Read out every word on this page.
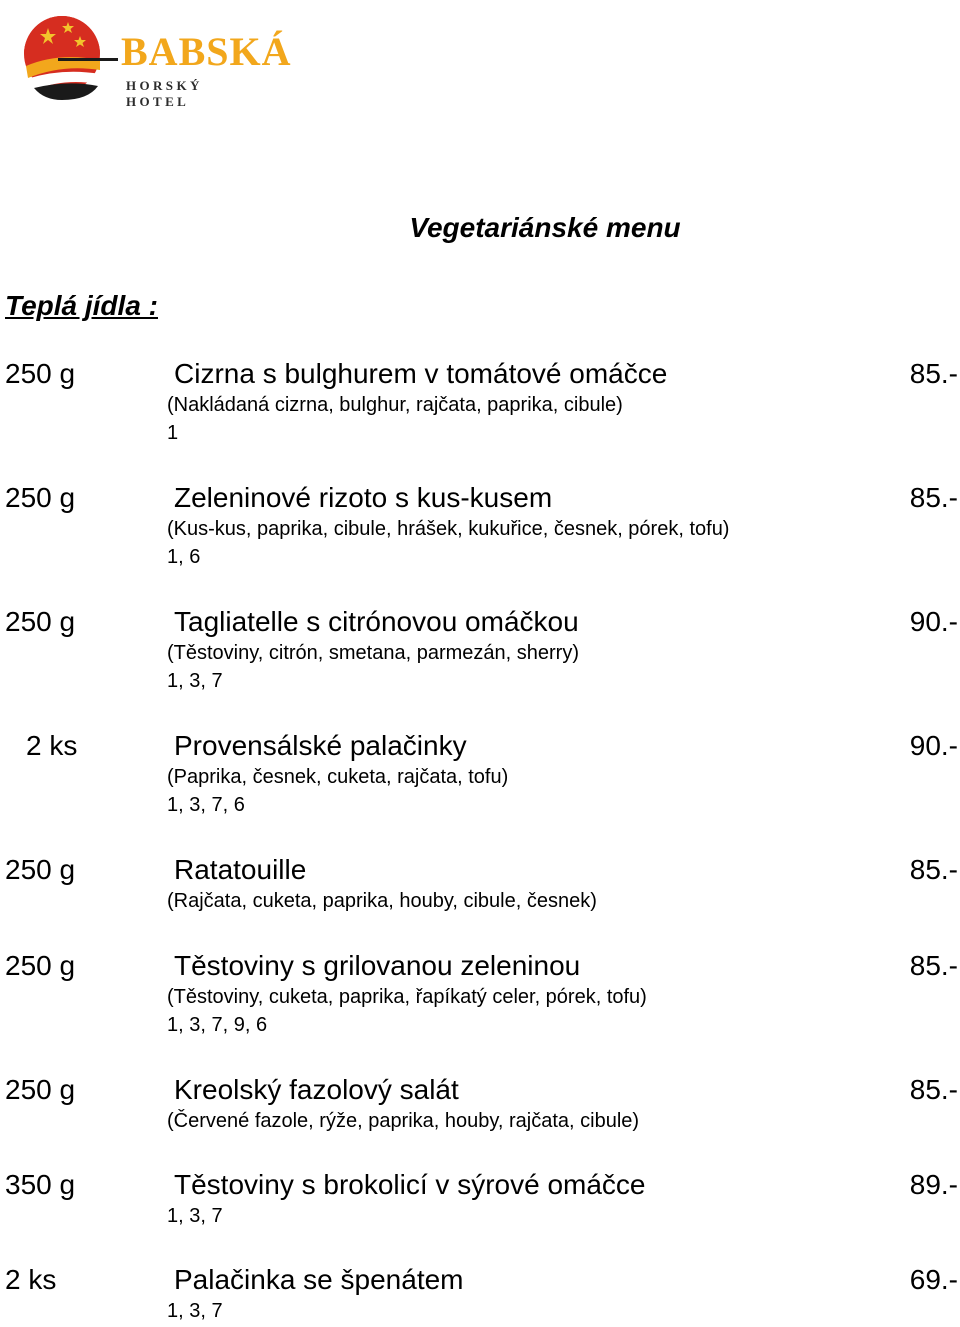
BABSKÁ
HORSKÝ HOTEL
Vegetariánské menu
Teplá jídla :
250 g	Cizrna s bulghurem v tomátové omáčce	85.-
(Nakládaná cizrna, bulghur, rajčata, paprika, cibule)
1
250 g	Zeleninové rizoto s kus-kusem	85.-
(Kus-kus, paprika, cibule, hrášek, kukuřice, česnek, pórek, tofu)
1, 6
250 g	Tagliatelle s citrónovou omáčkou	90.-
(Těstoviny, citrón, smetana, parmezán, sherry)
1, 3, 7
2 ks	Provensálské palačinky	90.-
(Paprika, česnek, cuketa, rajčata, tofu)
1, 3, 7, 6
250 g	Ratatouille	85.-
(Rajčata, cuketa, paprika, houby, cibule, česnek)
250 g	Těstoviny s grilovanou zeleninou	85.-
(Těstoviny, cuketa, paprika, řapíkatý celer, pórek, tofu)
1, 3, 7, 9, 6
250 g	Kreolský fazolový salát	85.-
(Červené fazole, rýže, paprika, houby, rajčata, cibule)
350 g	Těstoviny s brokolicí v sýrové omáčce	89.-
1, 3, 7
2 ks	Palačinka se špenátem	69.-
1, 3, 7
